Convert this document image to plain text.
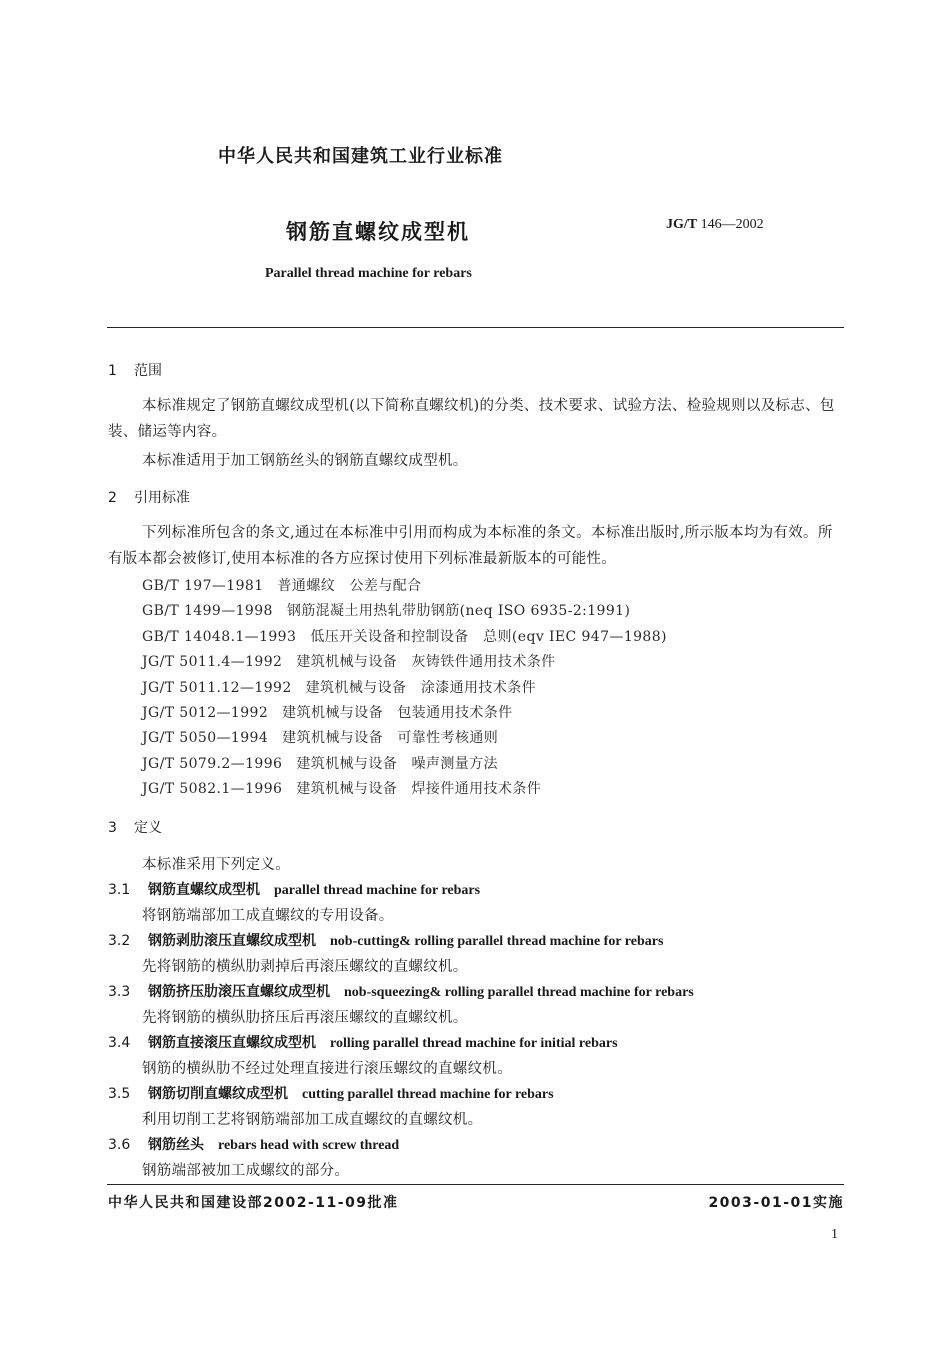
中华人民共和国建筑工业行业标准
钢筋直螺纹成型机	JG/T 146—2002
Parallel thread machine for rebars
1 范围
本标准规定了钢筋直螺纹成型机(以下简称直螺纹机)的分类、技术要求、试验方法、检验规则以及标志、包装、储运等内容。
本标准适用于加工钢筋丝头的钢筋直螺纹成型机。
2 引用标准
下列标准所包含的条文,通过在本标准中引用而构成为本标准的条文。本标准出版时,所示版本均为有效。所有版本都会被修订,使用本标准的各方应探讨使用下列标准最新版本的可能性。
GB/T 197—1981 普通螺纹　公差与配合
GB/T 1499—1998 钢筋混凝土用热轧带肋钢筋(neq ISO 6935-2:1991)
GB/T 14048.1—1993 低压开关设备和控制设备　总则(eqv IEC 947—1988)
JG/T 5011.4—1992 建筑机械与设备　灰铸铁件通用技术条件
JG/T 5011.12—1992 建筑机械与设备　涂漆通用技术条件
JG/T 5012—1992 建筑机械与设备　包装通用技术条件
JG/T 5050—1994 建筑机械与设备　可靠性考核通则
JG/T 5079.2—1996 建筑机械与设备　噪声测量方法
JG/T 5082.1—1996 建筑机械与设备　焊接件通用技术条件
3 定义
本标准采用下列定义。
3.1 钢筋直螺纹成型机 parallel thread machine for rebars
将钢筋端部加工成直螺纹的专用设备。
3.2 钢筋剥肋滚压直螺纹成型机 nob-cutting& rolling parallel thread machine for rebars
先将钢筋的横纵肋剥掉后再滚压螺纹的直螺纹机。
3.3 钢筋挤压肋滚压直螺纹成型机 nob-squeezing& rolling parallel thread machine for rebars
先将钢筋的横纵肋挤压后再滚压螺纹的直螺纹机。
3.4 钢筋直接滚压直螺纹成型机 rolling parallel thread machine for initial rebars
钢筋的横纵肋不经过处理直接进行滚压螺纹的直螺纹机。
3.5 钢筋切削直螺纹成型机 cutting parallel thread machine for rebars
利用切削工艺将钢筋端部加工成直螺纹的直螺纹机。
3.6 钢筋丝头 rebars head with screw thread
钢筋端部被加工成螺纹的部分。
中华人民共和国建设部2002-11-09批准	2003-01-01实施
1
